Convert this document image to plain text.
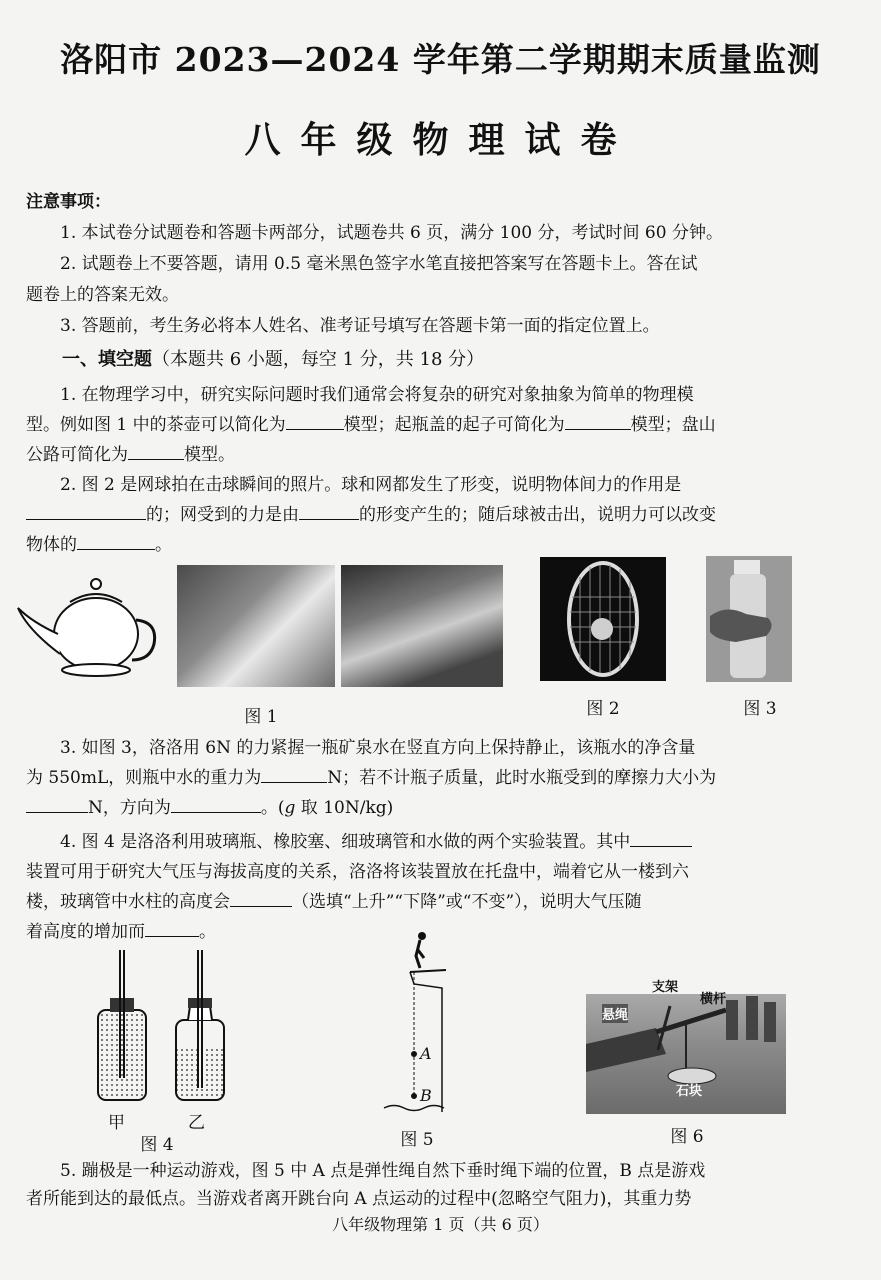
洛阳市 2023—2024 学年第二学期期末质量监测
八年级物理试卷
注意事项：
1. 本试卷分试题卷和答题卡两部分，试题卷共 6 页，满分 100 分，考试时间 60 分钟。
2. 试题卷上不要答题，请用 0.5 毫米黑色签字水笔直接把答案写在答题卡上。答在试
题卷上的答案无效。
3. 答题前，考生务必将本人姓名、准考证号填写在答题卡第一面的指定位置上。
一、填空题（本题共 6 小题，每空 1 分，共 18 分）
1. 在物理学习中，研究实际问题时我们通常会将复杂的研究对象抽象为简单的物理模
型。例如图 1 中的茶壶可以简化为	模型；起瓶盖的起子可简化为	模型；盘山
公路可简化为	模型。
2. 图 2 是网球拍在击球瞬间的照片。球和网都发生了形变，说明物体间力的作用是
的；网受到的力是由	的形变产生的；随后球被击出，说明力可以改变
物体的	。
图 1	图 2	图 3
3. 如图 3，洛洛用 6N 的力紧握一瓶矿泉水在竖直方向上保持静止，该瓶水的净含量
为 550mL，则瓶中水的重力为	N；若不计瓶子质量，此时水瓶受到的摩擦力大小为
N，方向为	。(g 取 10N/kg)
4. 图 4 是洛洛利用玻璃瓶、橡胶塞、细玻璃管和水做的两个实验装置。其中
装置可用于研究大气压与海拔高度的关系，洛洛将该装置放在托盘中，端着它从一楼到六
楼，玻璃管中水柱的高度会	（选填“上升”“下降”或“不变”），说明大气压随
着高度的增加而	。
甲	乙
图 4
A
B
图 5
支架
横杆
悬绳
石块
图 6
5. 蹦极是一种运动游戏，图 5 中 A 点是弹性绳自然下垂时绳下端的位置，B 点是游戏
者所能到达的最低点。当游戏者离开跳台向 A 点运动的过程中(忽略空气阻力)，其重力势
八年级物理第 1 页（共 6 页）
